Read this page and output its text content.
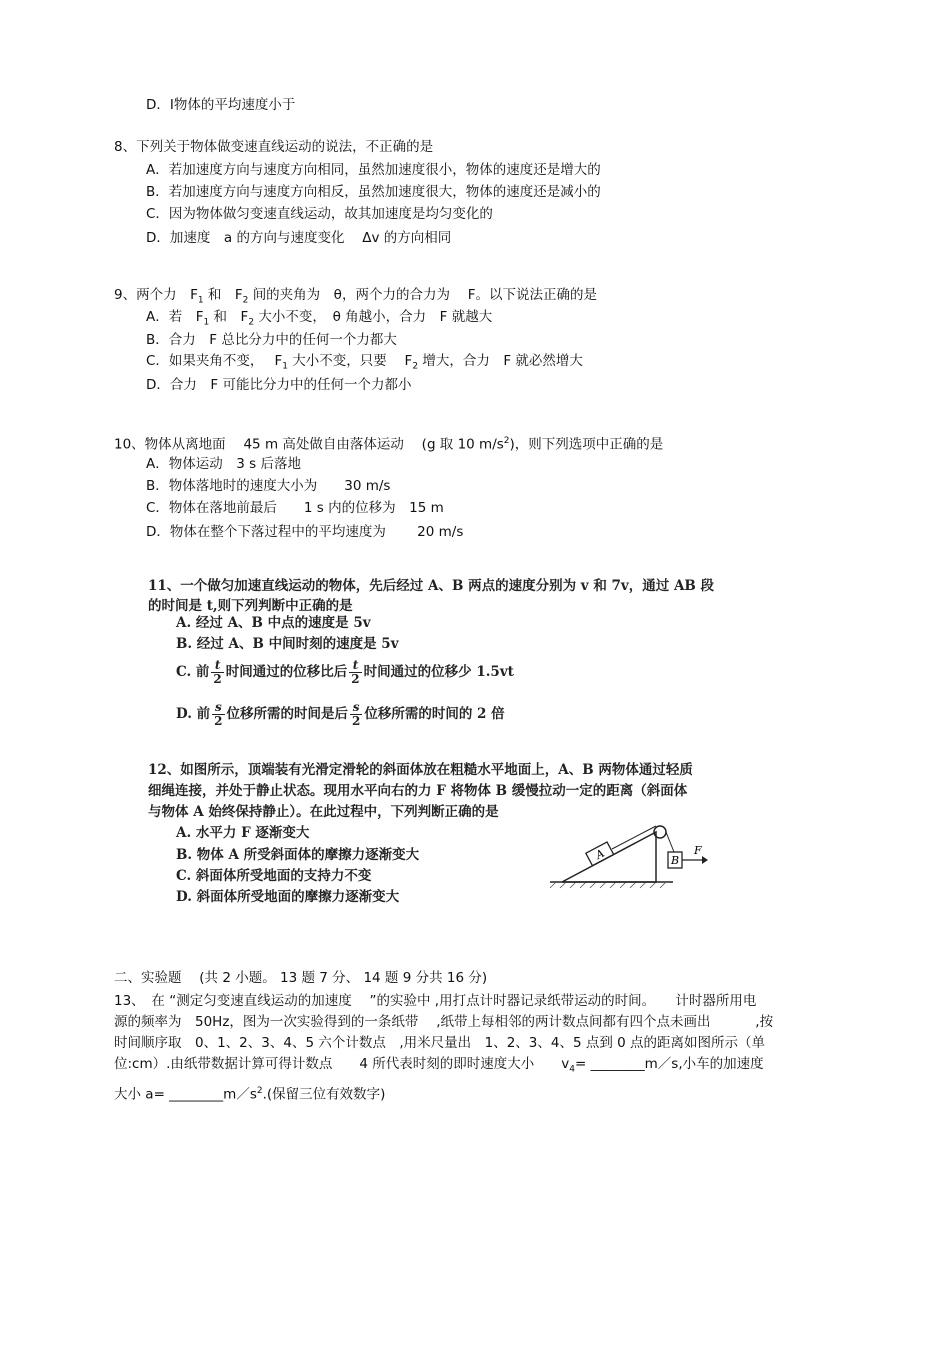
D．Ⅰ物体的平均速度小于
8、下列关于物体做变速直线运动的说法，不正确的是
A．若加速度方向与速度方向相同，虽然加速度很小，物体的速度还是增大的
B．若加速度方向与速度方向相反，虽然加速度很大，物体的速度还是减小的
C．因为物体做匀变速直线运动，故其加速度是均匀变化的
D．加速度　a 的方向与速度变化　 Δv 的方向相同
9、两个力　$F_1$ 和　$F_2$ 间的夹角为　θ，两个力的合力为　 F。以下说法正确的是
A．若　$F_1$ 和　$F_2$ 大小不变，　θ 角越小，合力　F 就越大
B．合力　F 总比分力中的任何一个力都大
C．如果夹角不变，　 $F_1$ 大小不变，只要　 $F_2$ 增大，合力　F 就必然增大
D．合力　F 可能比分力中的任何一个力都小
10、物体从离地面　 45 m 高处做自由落体运动　 (g 取 10 $m/s^2$)，则下列选项中正确的是
A．物体运动　3 s 后落地
B．物体落地时的速度大小为　　30 m/s
C．物体在落地前最后　　1 s 内的位移为　15 m
D．物体在整个下落过程中的平均速度为　　 20 m/s
11、一个做匀加速直线运动的物体，先后经过 A、B 两点的速度分别为 v 和 7v，通过 AB 段
的时间是 t,则下列判断中正确的是
A. 经过 A、B 中点的速度是 5v
B. 经过 A、B 中间时刻的速度是 5v
C. 前 $\frac{t}{2}$ 时间通过的位移比后 $\frac{t}{2}$ 时间通过的位移少 1.5vt
D. 前 $\frac{s}{2}$ 位移所需的时间是后 $\frac{s}{2}$ 位移所需的时间的 2 倍
12、如图所示，顶端装有光滑定滑轮的斜面体放在粗糙水平地面上，A、B 两物体通过轻质
细绳连接，并处于静止状态。现用水平向右的力 F 将物体 B 缓慢拉动一定的距离（斜面体
与物体 A 始终保持静止）。在此过程中，下列判断正确的是
A. 水平力 F 逐渐变大
B. 物体 A 所受斜面体的摩擦力逐渐变大
C. 斜面体所受地面的支持力不变
D. 斜面体所受地面的摩擦力逐渐变大
A	B
F
二、实验题　 (共 2 小题。 13 题 7 分、 14 题 9 分共 16 分)
13、　在 “测定匀变速直线运动的加速度　 ”的实验中 ,用打点计时器记录纸带运动的时间。　　计时器所用电
源的频率为　50Hz，图为一次实验得到的一条纸带　 ,纸带上每相邻的两计数点间都有四个点未画出　　　 ,按
时间顺序取　0、1、2、3、4、5 六个计数点　,用米尺量出　1、2、3、4、5 点到 0 点的距离如图所示（单
位:cm）.由纸带数据计算可得计数点　　4 所代表时刻的即时速度大小　　$v_4=$ ________m／s,小车的加速度
大小 $a= \_\_\_\_\_\_\_\_m/s^2$.(保留三位有效数字)
